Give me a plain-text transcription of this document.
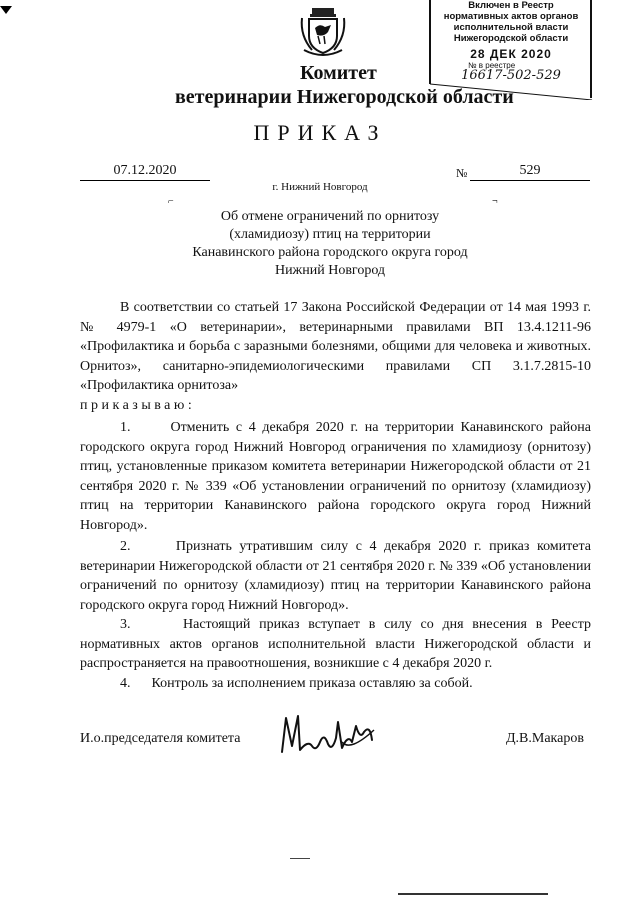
Комитет
ветеринарии Нижегородской области
Включен в Реестр
нормативных актов органов
исполнительной власти
Нижегородской области
28 ДЕК 2020
№ в реестре
16617-502-529
ПРИКАЗ
07.12.2020	№	529
г. Нижний Новгород
⌐	¬
Об отмене ограничений по орнитозу
(хламидиозу) птиц на территории
Канавинского района городского округа город
Нижний Новгород

В соответствии со статьей 17 Закона Российской Федерации от 14 мая 1993 г. № 4979-1 «О ветеринарии», ветеринарными правилами ВП 13.4.1211-96 «Профилактика и борьба с заразными болезнями, общими для человека и животных. Орнитоз», санитарно-эпидемиологическими правилами СП 3.1.7.2815-10 «Профилактика орнитоза»

приказываю:

1.      Отменить с 4 декабря 2020 г. на территории Канавинского района городского округа город Нижний Новгород ограничения по хламидиозу (орнитозу) птиц, установленные приказом комитета ветеринарии Нижегородской области от 21 сентября 2020 г. № 339 «Об установлении ограничений по орнитозу (хламидиозу) птиц на территории Канавинского района городского округа город Нижний Новгород».

2.      Признать утратившим силу с 4 декабря 2020 г. приказ комитета ветеринарии Нижегородской области от 21 сентября 2020 г. № 339 «Об установлении ограничений по орнитозу (хламидиозу) птиц на территории Канавинского района городского округа город Нижний Новгород».

3.      Настоящий приказ вступает в силу со дня внесения в Реестр нормативных актов органов исполнительной власти Нижегородской области и распространяется на правоотношения, возникшие с 4 декабря 2020 г.

4.      Контроль за исполнением приказа оставляю за собой.

И.о.председателя комитета	Д.В.Макаров
